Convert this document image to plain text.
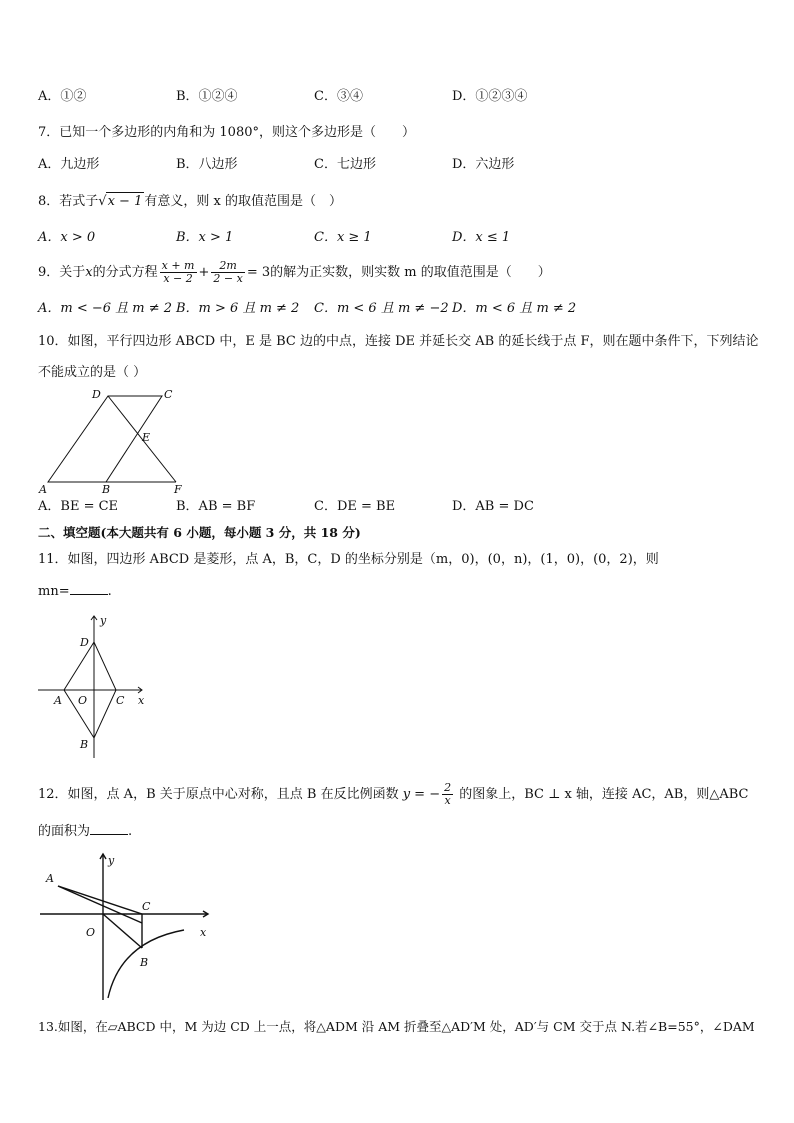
A．①②	B．①②④	C．③④	D．①②③④
7．已知一个多边形的内角和为 1080°，则这个多边形是（　　）
A．九边形	B．八边形	C．七边形	D．六边形
8．若式子√x − 1 有意义，则 x 的取值范围是（　）
A．x > 0	B．x > 1	C．x ≥ 1	D．x ≤ 1
9．关于x的分式方程 $\frac{x + m}{x - 2} + \frac{2m}{2 - x} = 3$的解为正实数，则实数 m 的取值范围是（　　）
A．m < −6 且 m ≠ 2 B．m > 6 且 m ≠ 2 C．m < 6 且 m ≠ −2 D．m < 6 且 m ≠ 2
10．如图，平行四边形 ABCD 中，E 是 BC 边的中点，连接 DE 并延长交 AB 的延长线于点 F，则在题中条件下，下列结论
不能成立的是（ ）
A	B
C
D
E
F
A．BE = CE	B．AB = BF	C．DE = BE	D．AB = DC
二、填空题(本大题共有 6 小题，每小题 3 分，共 18 分)
11．如图，四边形 ABCD 是菱形，点 A，B，C，D 的坐标分别是（m，0)，(0，n)，(1，0)，(0，2)，则
mn=	.
y
x
A O	C
D
B
12．如图，点 A，B 关于原点中心对称，且点 B 在反比例函数 y = − $\frac{2}{x}$ 的图象上，BC ⊥ x 轴，连接 AC，AB，则△ABC
的面积为	.
y
x
A
O
C
B
13.如图，在▱ABCD 中，M 为边 CD 上一点，将△ADM 沿 AM 折叠至△AD′M 处，AD′与 CM 交于点 N.若∠B=55°，∠DAM
